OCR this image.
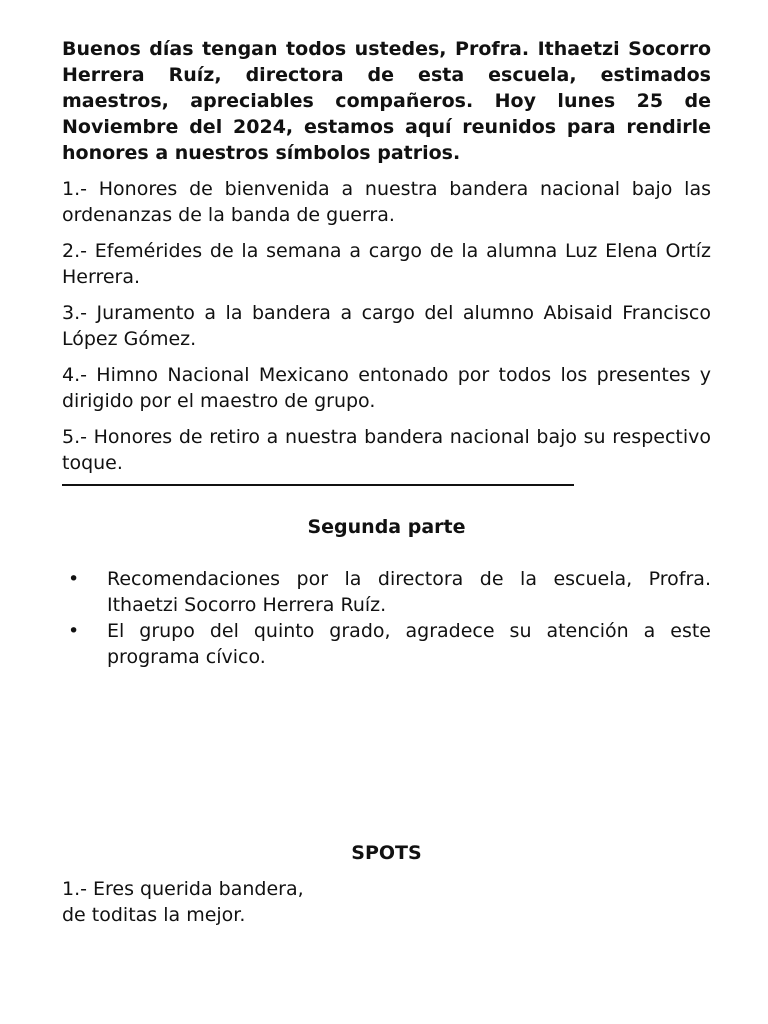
Buenos días tengan todos ustedes, Profra. Ithaetzi Socorro Herrera Ruíz, directora de esta escuela, estimados maestros, apreciables compañeros. Hoy lunes 25 de Noviembre del 2024, estamos aquí reunidos para rendirle honores a nuestros símbolos patrios.

1.- Honores de bienvenida a nuestra bandera nacional bajo las ordenanzas de la banda de guerra.

2.- Efemérides de la semana a cargo de la alumna Luz Elena Ortíz Herrera.

3.- Juramento a la bandera a cargo del alumno Abisaid Francisco López Gómez.

4.- Himno Nacional Mexicano entonado por todos los presentes y dirigido por el maestro de grupo.

5.- Honores de retiro a nuestra bandera nacional bajo su respectivo toque.

Segunda parte
• Recomendaciones por la directora de la escuela, Profra. Ithaetzi Socorro Herrera Ruíz.
• El grupo del quinto grado, agradece su atención a este programa cívico.
SPOTS
1.- Eres querida bandera,
de toditas la mejor.
